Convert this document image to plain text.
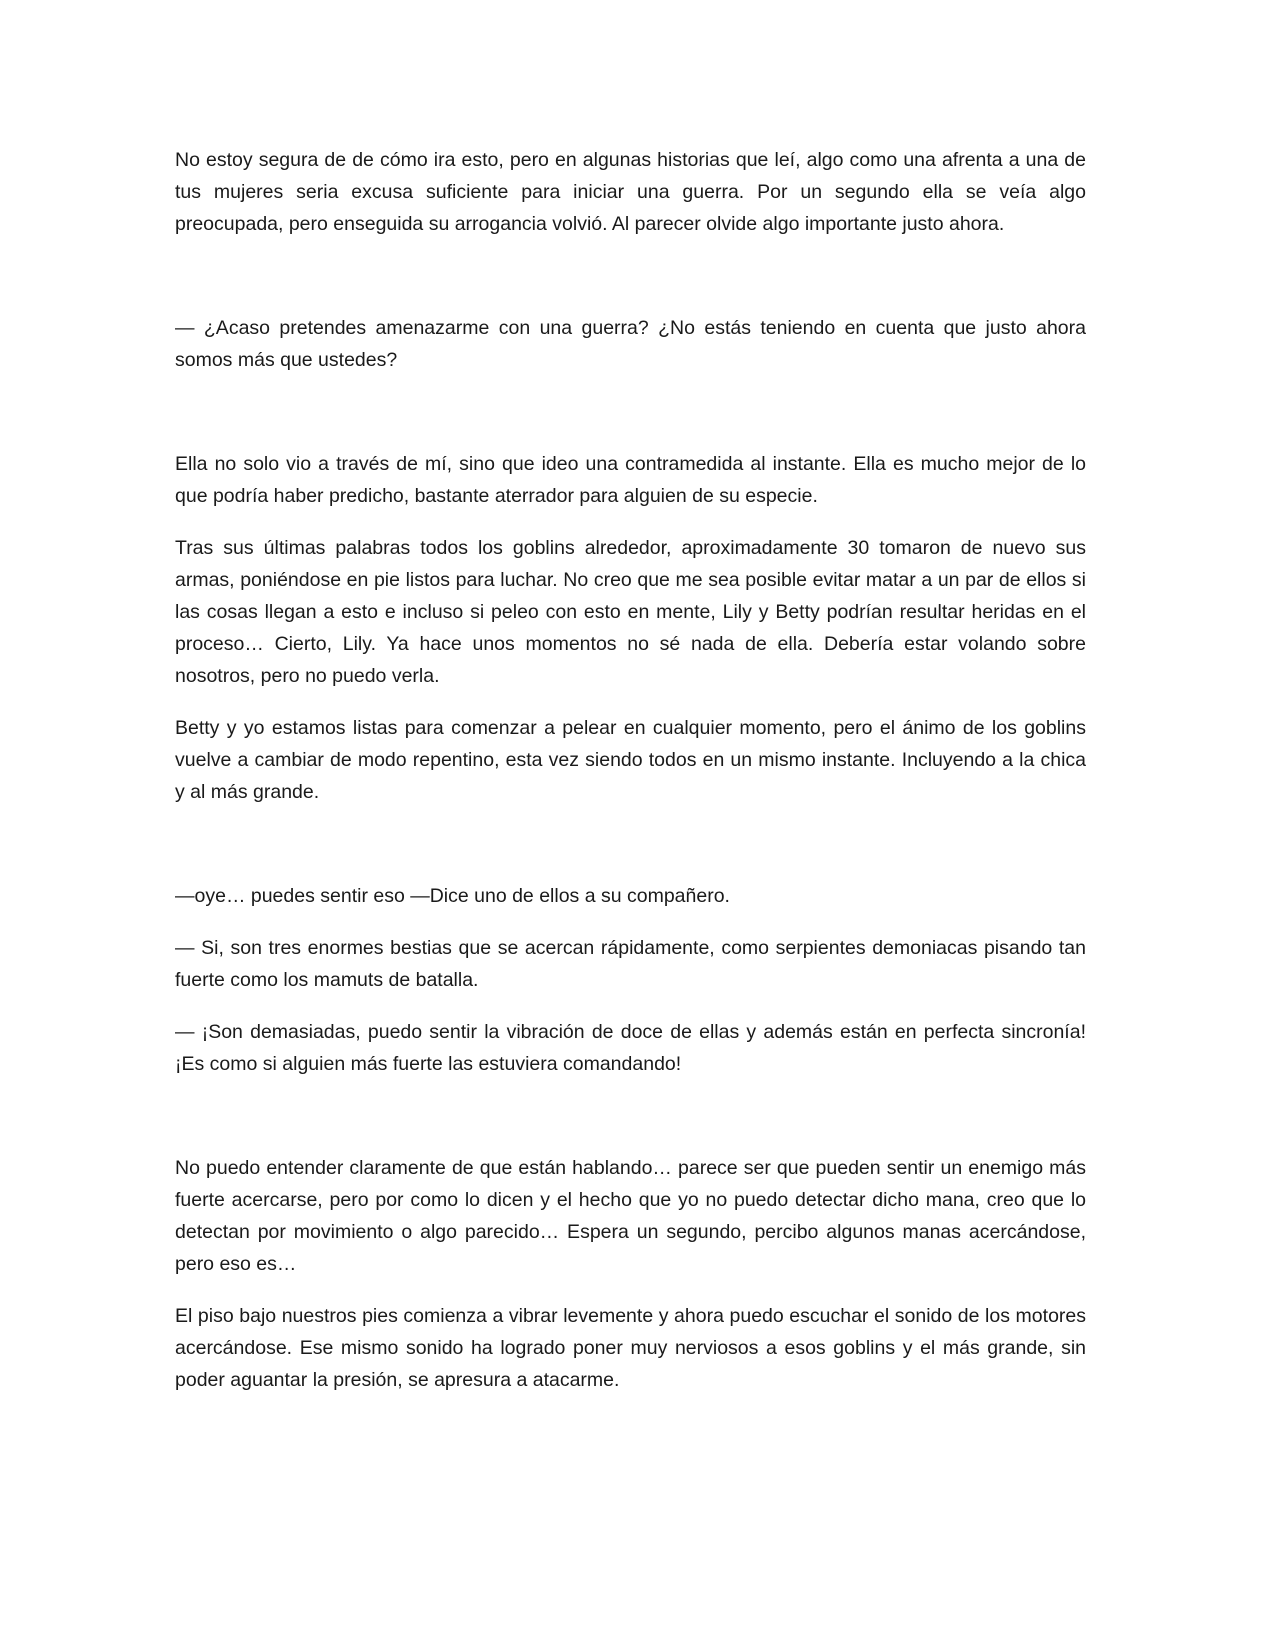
No estoy segura de de cómo ira esto, pero en algunas historias que leí, algo como una afrenta a una de tus mujeres seria excusa suficiente para iniciar una guerra. Por un segundo ella se veía algo preocupada, pero enseguida su arrogancia volvió. Al parecer olvide algo importante justo ahora.

— ¿Acaso pretendes amenazarme con una guerra? ¿No estás teniendo en cuenta que justo ahora somos más que ustedes?

Ella no solo vio a través de mí, sino que ideo una contramedida al instante. Ella es mucho mejor de lo que podría haber predicho, bastante aterrador para alguien de su especie.

Tras sus últimas palabras todos los goblins alrededor, aproximadamente 30 tomaron de nuevo sus armas, poniéndose en pie listos para luchar. No creo que me sea posible evitar matar a un par de ellos si las cosas llegan a esto e incluso si peleo con esto en mente, Lily y Betty podrían resultar heridas en el proceso… Cierto, Lily. Ya hace unos momentos no sé nada de ella. Debería estar volando sobre nosotros, pero no puedo verla.

Betty y yo estamos listas para comenzar a pelear en cualquier momento, pero el ánimo de los goblins vuelve a cambiar de modo repentino, esta vez siendo todos en un mismo instante. Incluyendo a la chica y al más grande.

—oye… puedes sentir eso —Dice uno de ellos a su compañero.

— Si, son tres enormes bestias que se acercan rápidamente, como serpientes demoniacas pisando tan fuerte como los mamuts de batalla.

— ¡Son demasiadas, puedo sentir la vibración de doce de ellas y además están en perfecta sincronía! ¡Es como si alguien más fuerte las estuviera comandando!

No puedo entender claramente de que están hablando… parece ser que pueden sentir un enemigo más fuerte acercarse, pero por como lo dicen y el hecho que yo no puedo detectar dicho mana, creo que lo detectan por movimiento o algo parecido… Espera un segundo, percibo algunos manas acercándose, pero eso es…

El piso bajo nuestros pies comienza a vibrar levemente y ahora puedo escuchar el sonido de los motores acercándose. Ese mismo sonido ha logrado poner muy nerviosos a esos goblins y el más grande, sin poder aguantar la presión, se apresura a atacarme.
